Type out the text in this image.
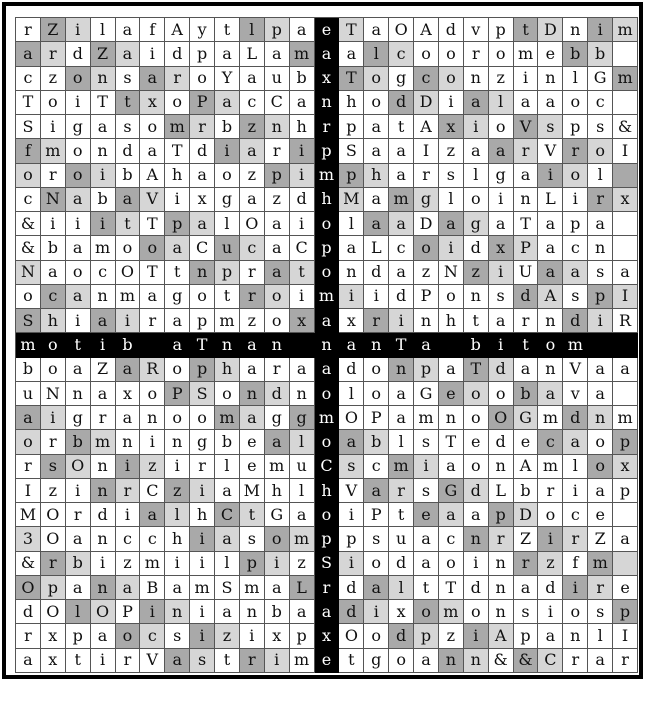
r Z	i	l	a	f	A y	t	l	p a e T a O A d v p	t D n	i m
a	r d Z a	i	d p a L a m a a	l	c o o	r	o m e b b
c	z o n s a	r	o Y a u b x T o g c o n z	i	n	l G m
T o	i	T	t	x o P a c C a n h o d D i	a	l	a a o c
S	i	g a	s o m r b z n h r p a	t A x	i	o V s p s &
f m o n d a T d	i	a	r	i	p S a a	I	z a a	r V r	o	I
o	r	o	i	b A h a o z p	i m p h a	r	s	l	g a	i	o	l
c N a b a V	i	x g a z d h M a m g	l	o	i	n L	i	r	x
& i	i	i	t	T p a	l O a	i	o	l	a a D a g a T a p a
& b a m o o a C u c a C p a L c o	i	d x P a c n
N a o c O T	t	n p r	a	t	o n d a z N z	i U a a	s a
o c a n m a g o	t	r	o	i m i	i	d P o n s d A s p	I
S h	i	a	i	r	a p m z o x a x	r	i	n h	t	a	r n d	i	R
m o	t	i	b	a T n a n	n a n T a	b	i	t	o m
b o a Z a R o p h a	r	a a d o n p a T d a n V a a
u N n a x o P S o n d n o	l	o a G e o o b a v a
a	i	g r	a n o o m a g g m O P a m n o O G m d n m
o	r b m n	i	n g b e a	l	o a b	l	s T e d e c a o p
r	s O n	i	z	i	r	l	e m u C s	c m i	a o n A m l	o x
I	z	i	n r C z	i	a M h	l	h V a	r	s G d L b r	i	a p
M O r d	i	a	l	h C t G a o	i	P	t	e a a p D o c e
3 O a n c c h	i	a	s o m p p s u a c n r Z	i	r Z a
& r b	i	z m i	i	l	p	i	z S	i	o d a o	i	n r	z	f m
O p a n a B a m S m a L r d a	l	t	T d n a d	i	r	e
d O l O P	i	n	i	a n b a a d	i	x o m o n s	i	o s p
r	x p a o c	s	i	z	i	x p x O o d p z	i	A p a n	l	I
a x	t	i	r V a	s	t	r	i m e	t	g o a n n & & C r	a	r
